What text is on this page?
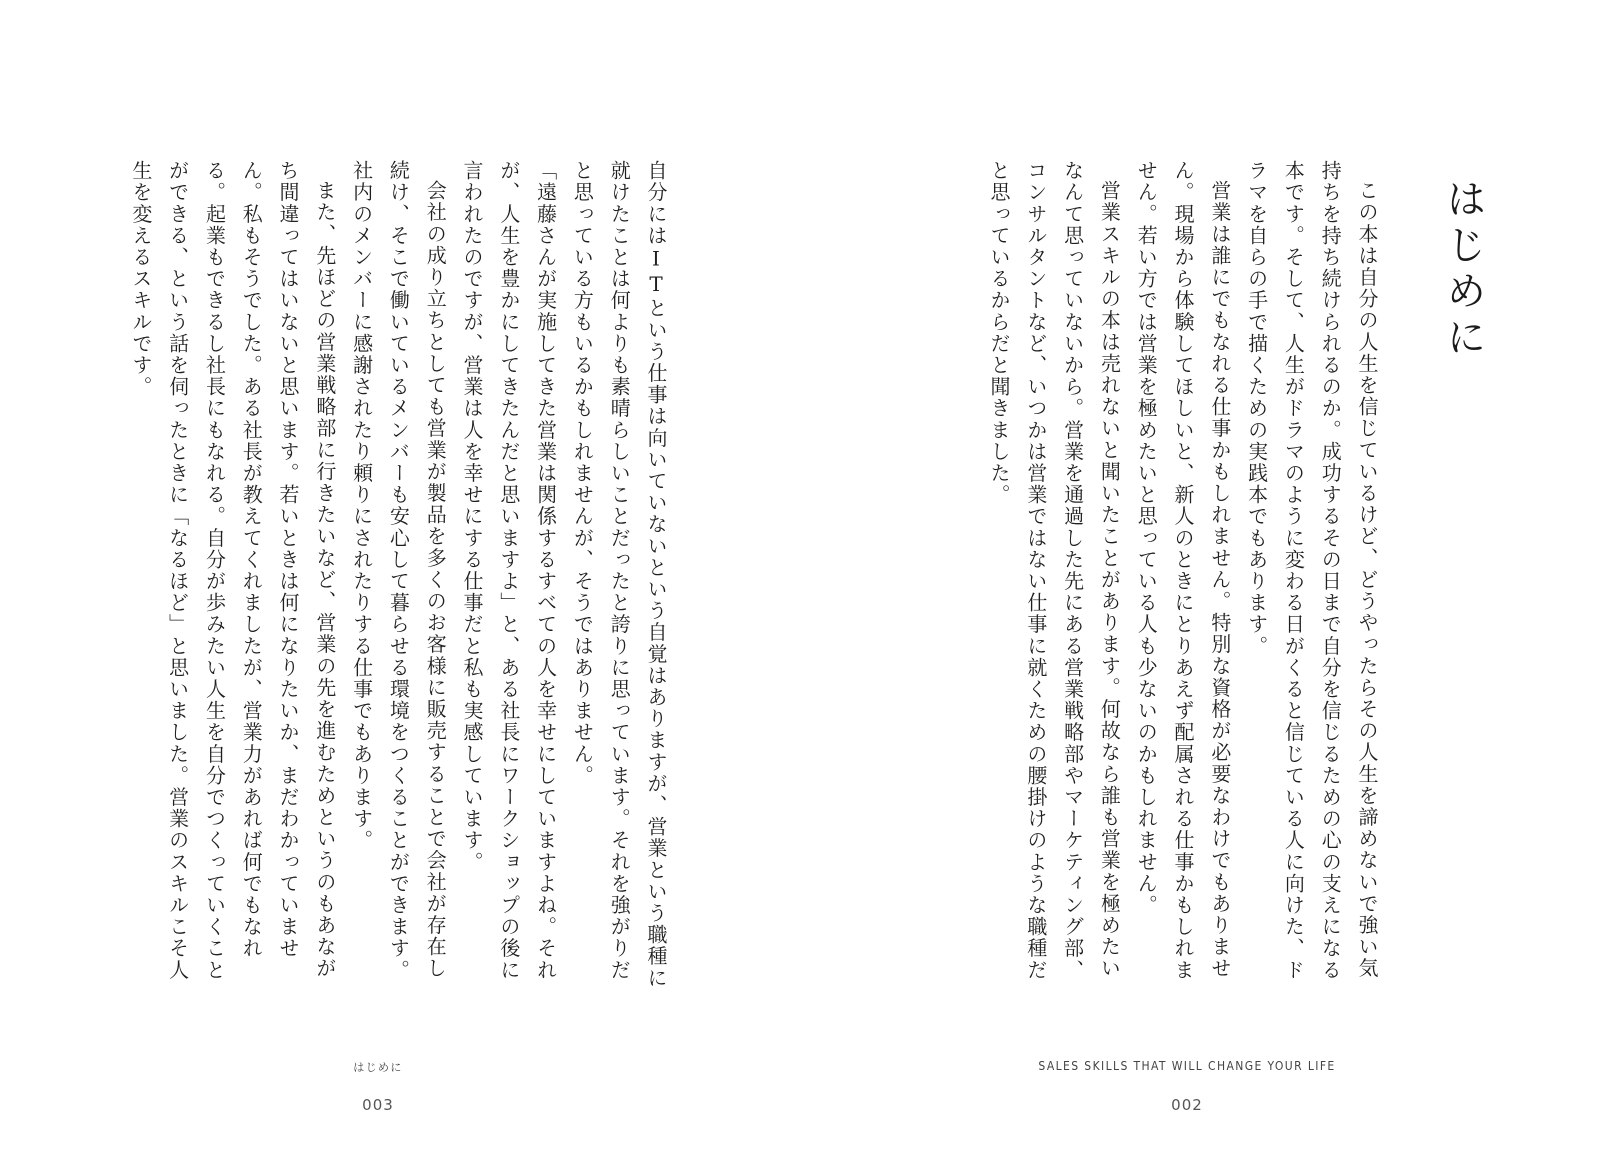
自分にはITという仕事は向いていないという自覚はありますが、営業という職種に就けたことは何よりも素晴らしいことだったと誇りに思っています。それを強がりだと思っている方もいるかもしれませんが、そうではありません。

「遠藤さんが実施してきた営業は関係するすべての人を幸せにしていますよね。それが、人生を豊かにしてきたんだと思いますよ」と、ある社長にワークショップの後に言われたのですが、営業は人を幸せにする仕事だと私も実感しています。

会社の成り立ちとしても営業が製品を多くのお客様に販売することで会社が存在し続け、そこで働いているメンバーも安心して暮らせる環境をつくることができます。社内のメンバーに感謝されたり頼りにされたりする仕事でもあります。

また、先ほどの営業戦略部に行きたいなど、営業の先を進むためというのもあながち間違ってはいないと思います。若いときは何になりたいか、まだわかっていません。私もそうでした。ある社長が教えてくれましたが、営業力があれば何でもなれる。起業もできるし社長にもなれる。自分が歩みたい人生を自分でつくっていくことができる、という話を伺ったときに「なるほど」と思いました。営業のスキルこそ人生を変えるスキルです。

はじめに
003
はじめに

この本は自分の人生を信じているけど、どうやったらその人生を諦めないで強い気持ちを持ち続けられるのか。成功するその日まで自分を信じるための心の支えになる本です。そして、人生がドラマのように変わる日がくると信じている人に向けた、ドラマを自らの手で描くための実践本でもあります。

営業は誰にでもなれる仕事かもしれません。特別な資格が必要なわけでもありません。現場から体験してほしいと、新人のときにとりあえず配属される仕事かもしれません。若い方では営業を極めたいと思っている人も少ないのかもしれません。

営業スキルの本は売れないと聞いたことがあります。何故なら誰も営業を極めたいなんて思っていないから。営業を通過した先にある営業戦略部やマーケティング部、コンサルタントなど、いつかは営業ではない仕事に就くための腰掛けのような職種だと思っているからだと聞きました。

SALES SKILLS THAT WILL CHANGE YOUR LIFE
002
